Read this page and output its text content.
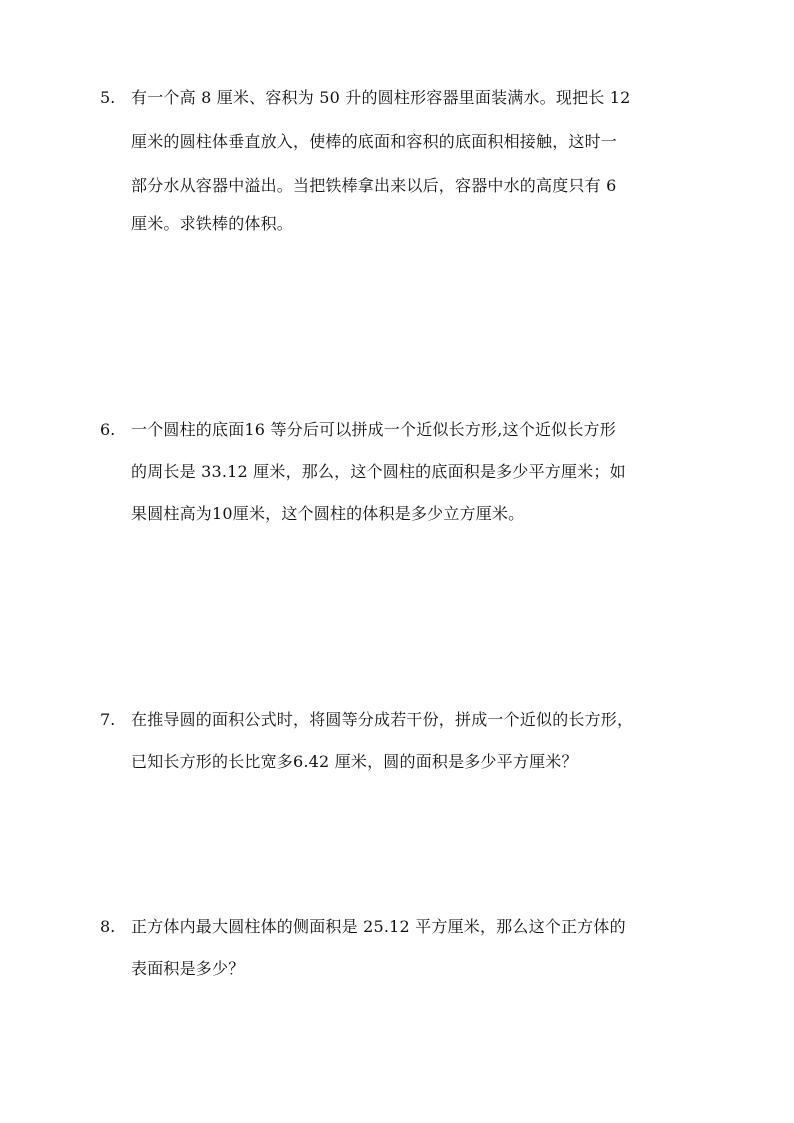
5. 有一个高 8 厘米、容积为 50 升的圆柱形容器里面装满水。现把长 12
厘米的圆柱体垂直放入，使棒的底面和容积的底面积相接触，这时一
部分水从容器中溢出。当把铁棒拿出来以后，容器中水的高度只有 6
厘米。求铁棒的体积。
6. 一个圆柱的底面16 等分后可以拼成一个近似长方形,这个近似长方形
的周长是 33.12 厘米，那么，这个圆柱的底面积是多少平方厘米；如
果圆柱高为10厘米，这个圆柱的体积是多少立方厘米。
7. 在推导圆的面积公式时，将圆等分成若干份，拼成一个近似的长方形，
已知长方形的长比宽多6.42 厘米，圆的面积是多少平方厘米？
8. 正方体内最大圆柱体的侧面积是 25.12 平方厘米，那么这个正方体的
表面积是多少？
